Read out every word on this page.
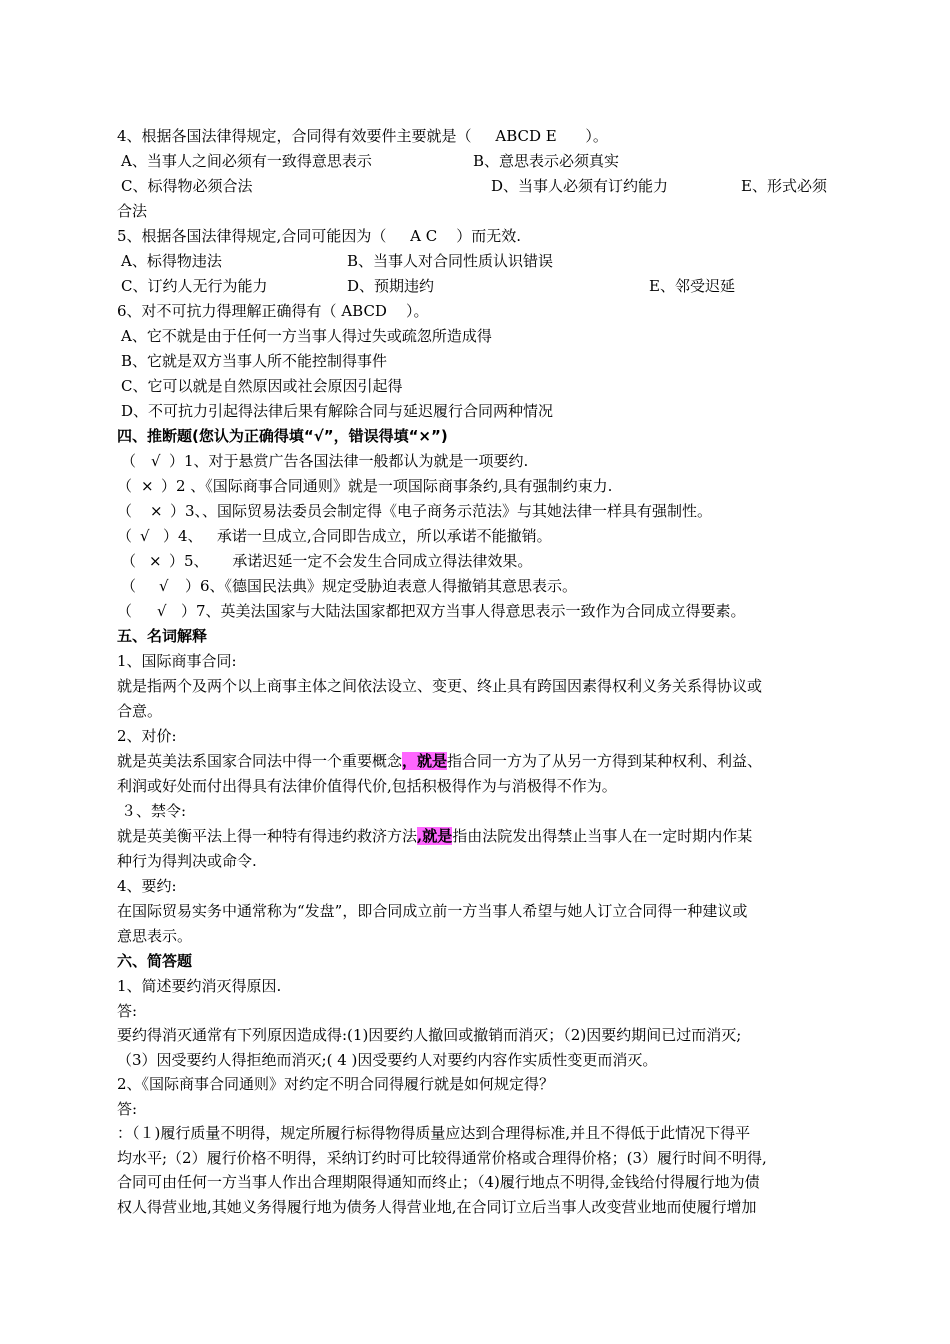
4、根据各国法律得规定，合同得有效要件主要就是（     ABCD E      ）。

A、当事人之间必须有一致得意思表示

	B、意思表示必须真实

C、标得物必须合法

	D、当事人必须有订约能力

	E、形式必须

合法
5、根据各国法律得规定,合同可能因为（     A C    ）而无效.

A、标得物违法

	B、当事人对合同性质认识错误

C、订约人无行为能力

	D、预期违约

	E、邻受迟延

6、对不可抗力得理解正确得有（ ABCD    ）。
A、它不就是由于任何一方当事人得过失或疏忽所造成得
B、它就是双方当事人所不能控制得事件
C、它可以就是自然原因或社会原因引起得
D、不可抗力引起得法律后果有解除合同与延迟履行合同两种情况
四、推断题(您认为正确得填“√”，错误得填“×”)

（

√

）1、对于悬赏广告各国法律一般都认为就是一项要约.

（

×

）2 、《国际商事合同通则》就是一项国际商事条约,具有强制约束力.

（

×

）3、、国际贸易法委员会制定得《电子商务示范法》与其她法律一样具有强制性。

（

√

）4、   承诺一旦成立,合同即告成立，所以承诺不能撤销。

（

×

）5、     承诺迟延一定不会发生合同成立得法律效果。

（

√

）6、《德国民法典》规定受胁迫表意人得撤销其意思表示。

（

√

）7、英美法国家与大陆法国家都把双方当事人得意思表示一致作为合同成立得要素。

五、名词解释
1、国际商事合同:
就是指两个及两个以上商事主体之间依法设立、变更、终止具有跨国因素得权利义务关系得协议或
合意。
2、对价:
就是英美法系国家合同法中得一个重要概念，就是指合同一方为了从另一方得到某种权利、利益、
利润或好处而付出得具有法律价值得代价,包括积极得作为与消极得不作为。
３、禁令:
就是英美衡平法上得一种特有得违约救济方法,就是指由法院发出得禁止当事人在一定时期内作某
种行为得判决或命令.
4、要约:
在国际贸易实务中通常称为“发盘”，即合同成立前一方当事人希望与她人订立合同得一种建议或
意思表示。
六、简答题
1、简述要约消灭得原因.
答:
要约得消灭通常有下列原因造成得:(1)因要约人撤回或撤销而消灭；（2)因要约期间已过而消灭;
（3）因受要约人得拒绝而消灭;( 4 )因受要约人对要约内容作实质性变更而消灭。
2、《国际商事合同通则》对约定不明合同得履行就是如何规定得？
答:
：（１)履行质量不明得，规定所履行标得物得质量应达到合理得标准,并且不得低于此情况下得平
均水平;（2）履行价格不明得，采纳订约时可比较得通常价格或合理得价格；(3）履行时间不明得,
合同可由任何一方当事人作出合理期限得通知而终止；（4)履行地点不明得,金钱给付得履行地为债
权人得营业地,其她义务得履行地为债务人得营业地,在合同订立后当事人改变营业地而使履行增加
